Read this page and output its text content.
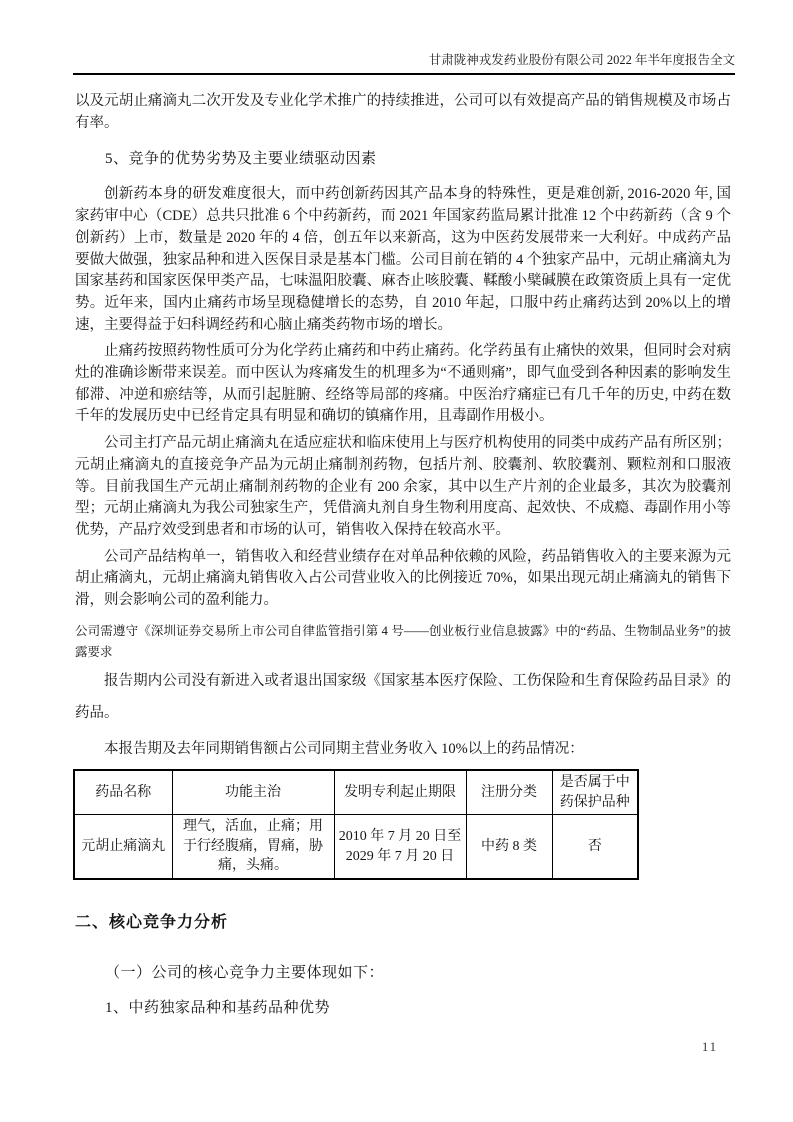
甘肃陇神戎发药业股份有限公司 2022 年半年度报告全文

以及元胡止痛滴丸二次开发及专业化学术推广的持续推进，公司可以有效提高产品的销售规模及市场占有率。

5、竞争的优势劣势及主要业绩驱动因素

创新药本身的研发难度很大，而中药创新药因其产品本身的特殊性，更是难创新, 2016-2020 年, 国家药审中心（CDE）总共只批准 6 个中药新药，而 2021 年国家药监局累计批准 12 个中药新药（含 9 个创新药）上市，数量是 2020 年的 4 倍，创五年以来新高，这为中医药发展带来一大利好。中成药产品要做大做强，独家品种和进入医保目录是基本门槛。公司目前在销的 4 个独家产品中，元胡止痛滴丸为国家基药和国家医保甲类产品，七味温阳胶囊、麻杏止咳胶囊、鞣酸小檗碱膜在政策资质上具有一定优势。近年来，国内止痛药市场呈现稳健增长的态势，自 2010 年起，口服中药止痛药达到 20%以上的增速，主要得益于妇科调经药和心脑止痛类药物市场的增长。

止痛药按照药物性质可分为化学药止痛药和中药止痛药。化学药虽有止痛快的效果，但同时会对病灶的准确诊断带来误差。而中医认为疼痛发生的机理多为“不通则痛”，即气血受到各种因素的影响发生郁滞、冲逆和瘀结等，从而引起脏腑、经络等局部的疼痛。中医治疗痛症已有几千年的历史, 中药在数千年的发展历史中已经肯定具有明显和确切的镇痛作用，且毒副作用极小。

公司主打产品元胡止痛滴丸在适应症状和临床使用上与医疗机构使用的同类中成药产品有所区别；元胡止痛滴丸的直接竞争产品为元胡止痛制剂药物，包括片剂、胶囊剂、软胶囊剂、颗粒剂和口服液等。目前我国生产元胡止痛制剂药物的企业有 200 余家，其中以生产片剂的企业最多，其次为胶囊剂型；元胡止痛滴丸为我公司独家生产，凭借滴丸剂自身生物利用度高、起效快、不成瘾、毒副作用小等优势，产品疗效受到患者和市场的认可，销售收入保持在较高水平。

公司产品结构单一，销售收入和经营业绩存在对单品种依赖的风险，药品销售收入的主要来源为元胡止痛滴丸，元胡止痛滴丸销售收入占公司营业收入的比例接近 70%，如果出现元胡止痛滴丸的销售下滑，则会影响公司的盈利能力。

公司需遵守《深圳证券交易所上市公司自律监管指引第 4 号——创业板行业信息披露》中的“药品、生物制品业务”的披露要求

报告期内公司没有新进入或者退出国家级《国家基本医疗保险、工伤保险和生育保险药品目录》的药品。

本报告期及去年同期销售额占公司同期主营业务收入 10%以上的药品情况：

药品名称	功能主治	发明专利起止期限	注册分类	是否属于中药保护品种
元胡止痛滴丸	理气，活血，止痛；用于行经腹痛，胃痛，胁痛，头痛。	2010 年 7 月 20 日至 2029 年 7 月 20 日	中药 8 类	否

二、核心竞争力分析

（一）公司的核心竞争力主要体现如下：

1、中药独家品种和基药品种优势

11
